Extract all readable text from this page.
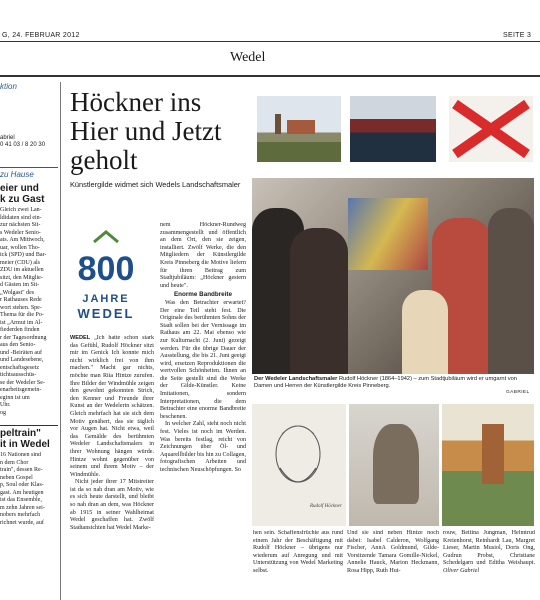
G, 24. FEBRUAR 2012	SEITE 3
Wedel
ktion
abriel
0 41 03 / 8 20 30
zu Hause
eier und
k zu Gast
Gleich zwei Lan-
ldidaten sind ein-
zur nächsten Sit-
s Wedeler Senio-
ats. Am Mittwoch,
uar, wollen Tho-
ick (SPD) und Bar-
meier (CDU) als
ZDU im aktuellen
sitzt, den Mitglie-
d Gästen im Sit-
„Wolgast" des
r Rathauses Rede
wort stehen. Spe-
Thema für die Po-
ist „Armut im Al-
fiederden finden
r der Tagesordnung
aus den Senio-
und -Beiräten auf
und Landesebene,
entschaftsgesetz
tichtsausschüs-
se der Wedeler Se-
enarbeitsgemein-
eginn ist um
Uhr.
og
peltrain"
it in Wedel
16 Nationen sind
n dem Chor
train", dessen Re-
neben Gospel
p, Soul oder Klas-
gast. Am heutigen
ist das Ensemble,
m zehn Jahren sei-
nobers mehrfach
richnet wurde, auf
Höckner ins Hier und Jetzt geholt
Künstlergilde widmet sich Wedels Landschaftsmaler
800
JAHRE
WEDEL

WEDEL „Ich hatte schon stark das Gefühl, Rudolf Höckner sitzt mir im Genick Ich konnte mich nicht wirklich frei von ihm machen." Macht gar nichts, möchte man Rita Hintze zurufen. Ihre Bilder der Windmühle zeigen den gewohnt gekonnten Strich, den Kenner und Freunde ihrer Kunst an der Wedelerin schätzen. Gleich mehrfach hat sie sich dem Motiv genähert, das sie täglich vor Augen hat. Nicht etwa, weil das Gemälde des berühmten Wedeler Landschaftsmalers in ihrer Wohnung hängen würde. Hintze wohnt gegenüber von seinem und ihrem Motiv – der Windmühle.

Nicht jeder ihrer 17 Mitstreiter ist da so nah dran am Motiv, wie es sich heute darstellt, und bleibt so nah dran an dem, was Höckner ab 1915 in seiner Wahlheimat Wedel geschaffen hat. Zwölf Stadtansichten hat Wedel Marke-

nem Höckner-Rundweg zusammengestellt und öffentlich an dem Ort, den sie zeigen, installiert. Zwölf Werke, die den Mitgliedern der Künstlergilde Kreis Pinneberg die Motive liefern für ihren Beitrag zum Stadtjubiläum: „Höckner gestern und heute".

Enorme Bandbreite

Was den Betrachter erwartet? Der eine Teil steht fest. Die Originale des berühmten Sohns der Stadt sollen bei der Vernissage im Rathaus am 22. Mai ebenso wie zur Kulturnacht (2. Juni) gezeigt werden. Für die übrige Dauer der Ausstellung, die bis 21. Juni geeigt wird, ersetzen Reproduktionen die wertvollen Schönheiten. Ihnen an die Seite gestellt sind die Werke der Gilde-Künstler. Keine Imitationen, sondern Interpretationen, die dem Betrachter eine enorme Bandbreite beschenen.

In welcher Zahl, steht noch nicht fest. Vieles ist noch im Werden. Was bereits festlag, reicht von Zeichnungen über Öl- und Aquarellbilder bis hin zu Collagen, fotografischen Arbeiten und technischen Neuschöpfungen. So

Der Wedeler Landschaftsmaler Rudolf Höckner (1864–1942) – zum Stadtjubiläum wird er umgarnt von Damen und Herren der Künstlergilde Kreis Pinneberg.
GABRIEL
Rudolf Höckner
hen sein. Schaffensfrüchte aus rund einem Jahr der Beschäftigung mit Rudolf Höckner – übrigens nur wiederum auf Anregung und mit Unterstützung von Wedel Marketing selbst.
Und sie sind neben Hintze noch dabei: Isabel Calderon, Wolfgang Fischer, AnnA Goldmund, Gilde-Vorsitzende Tamara Gomille-Nickel, Annelie Hauck, Marion Heckmann, Rosa Hipp, Ruth Hut-
rouw, Bettina Jungman, Helmtrud Kreienhorst, Reinhardt Lau, Margret Lieser, Martin Musiol, Doris Ong, Gudrun Probst, Christiane Schedelgarn und Editha Weishaupt. Oliver Gabriel
